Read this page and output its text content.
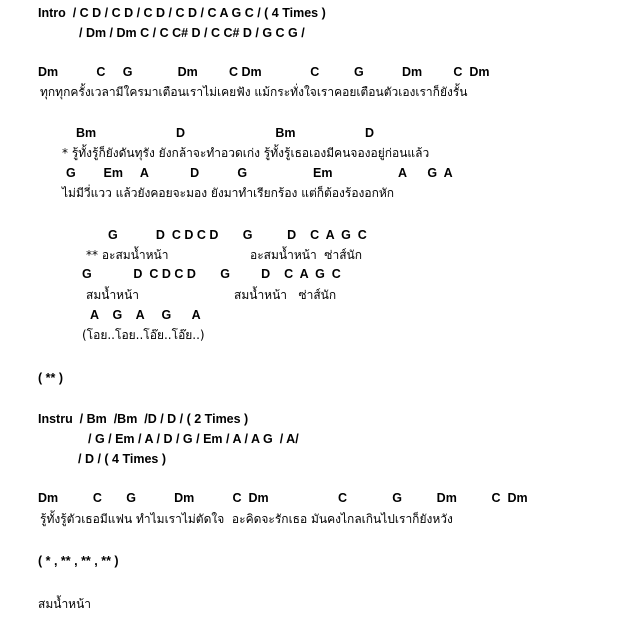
Intro  / C D / C D / C D / C D / C A G C / ( 4 Times )
/ Dm / Dm C / C C# D / C C# D / G C G /
Dm           C     G             Dm         C Dm              C          G           Dm         C  Dm
ทุกทุกครั้งเวลามีใครมาเตือนเราไม่เคยฟัง แม้กระทั่งใจเราคอยเตือนตัวเองเราก็ยังรั้น
Bm                       D                          Bm                    D
* รู้ทั้งรู้ก็ยังดันทุรัง ยังกล้าจะทำอวดเก่ง รู้ทั้งรู้เธอเองมีคนจองอยู่ก่อนแล้ว
G        Em     A            D           G                   Em                   A      G  A
ไม่มีวี่แวว แล้วยังคอยจะมอง ยังมาทำเรียกร้อง แต่ก็ต้องร้องอกหัก
G           D  C D C D       G          D    C  A  G  C
** อะสมน้ำหน้า	อะสมน้ำหน้า  ซ่าส์นัก
G            D  C D C D       G         D    C  A  G  C
สมน้ำหน้า	สมน้ำหน้า   ซ่าส์นัก
A    G    A     G      A
(โอย..โอย..โอ๊ย..โอ๊ย..)
( ** )
Instru  / Bm  /Bm  /D / D / ( 2 Times )
/ G / Em / A / D / G / Em / A / A G  / A/
/ D / ( 4 Times )
Dm          C       G           Dm           C  Dm                    C             G          Dm          C  Dm
รู้ทั้งรู้ตัวเธอมีแฟน ทำไมเราไม่ตัดใจ  อะคิดจะรักเธอ มันคงไกลเกินไปเราก็ยังหวัง
( * , ** , ** , ** )
สมน้ำหน้า
